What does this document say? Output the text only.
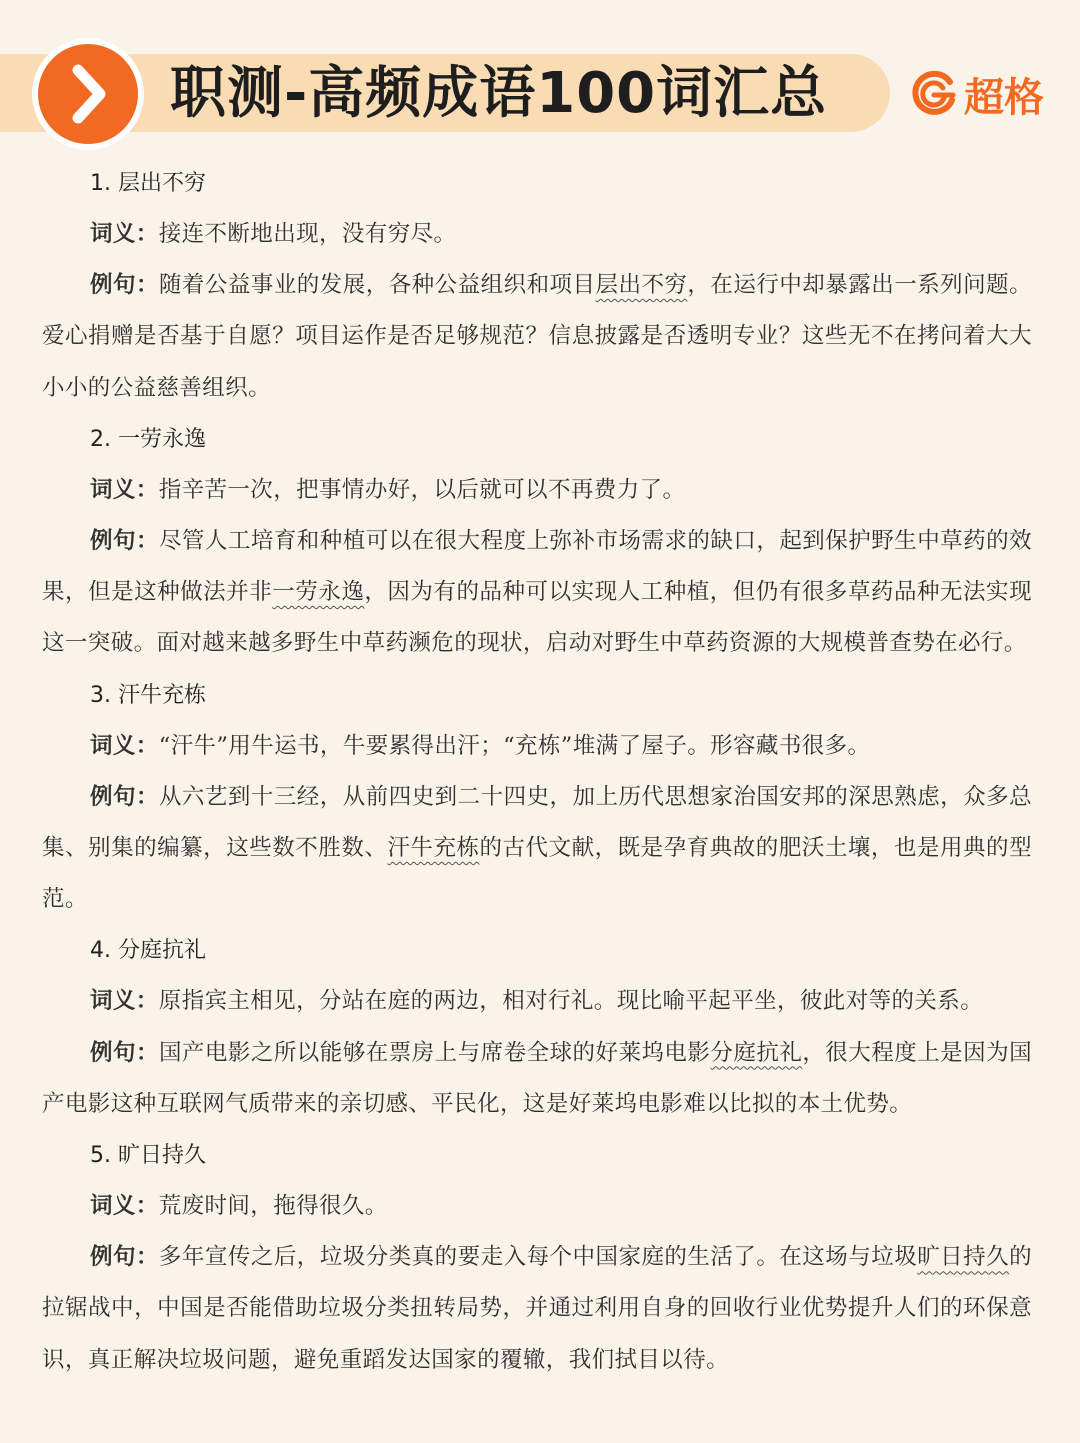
职测-高频成语100词汇总	超格
1. 层出不穷
词义：接连不断地出现，没有穷尽。
例句：随着公益事业的发展，各种公益组织和项目层出不穷，在运行中却暴露出一系列问题。爱心捐赠是否基于自愿？项目运作是否足够规范？信息披露是否透明专业？这些无不在拷问着大大小小的公益慈善组织。
2. 一劳永逸
词义：指辛苦一次，把事情办好，以后就可以不再费力了。
例句：尽管人工培育和种植可以在很大程度上弥补市场需求的缺口，起到保护野生中草药的效果，但是这种做法并非一劳永逸，因为有的品种可以实现人工种植，但仍有很多草药品种无法实现这一突破。面对越来越多野生中草药濒危的现状，启动对野生中草药资源的大规模普查势在必行。
3. 汗牛充栋
词义：“汗牛”用牛运书，牛要累得出汗；“充栋”堆满了屋子。形容藏书很多。
例句：从六艺到十三经，从前四史到二十四史，加上历代思想家治国安邦的深思熟虑，众多总集、别集的编纂，这些数不胜数、汗牛充栋的古代文献，既是孕育典故的肥沃土壤，也是用典的型范。
4. 分庭抗礼
词义：原指宾主相见，分站在庭的两边，相对行礼。现比喻平起平坐，彼此对等的关系。
例句：国产电影之所以能够在票房上与席卷全球的好莱坞电影分庭抗礼，很大程度上是因为国产电影这种互联网气质带来的亲切感、平民化，这是好莱坞电影难以比拟的本土优势。
5. 旷日持久
词义：荒废时间，拖得很久。
例句：多年宣传之后，垃圾分类真的要走入每个中国家庭的生活了。在这场与垃圾旷日持久的拉锯战中，中国是否能借助垃圾分类扭转局势，并通过利用自身的回收行业优势提升人们的环保意识，真正解决垃圾问题，避免重蹈发达国家的覆辙，我们拭目以待。
